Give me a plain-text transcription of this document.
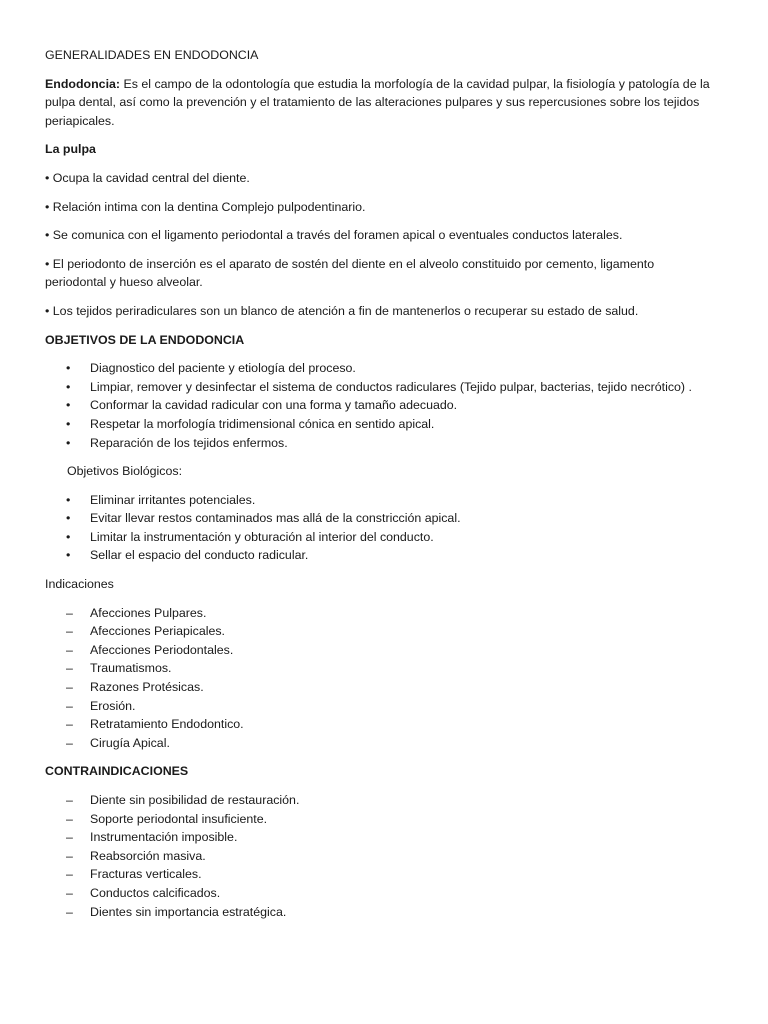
GENERALIDADES EN ENDODONCIA

Endodoncia: Es el campo de la odontología que estudia la morfología de la cavidad pulpar, la fisiología y patología de la pulpa dental, así como la prevención y el tratamiento de las alteraciones pulpares y sus repercusiones sobre los tejidos periapicales.

La pulpa

• Ocupa la cavidad central del diente.

• Relación intima con la dentina Complejo pulpodentinario.

• Se comunica con el ligamento periodontal a través del foramen apical o eventuales conductos laterales.

• El periodonto de inserción es el aparato de sostén del diente en el alveolo constituido por cemento, ligamento periodontal y hueso alveolar.

• Los tejidos periradiculares son un blanco de atención a fin de mantenerlos o recuperar su estado de salud.

OBJETIVOS DE LA ENDODONCIA

• Diagnostico del paciente y etiología del proceso.
• Limpiar, remover y desinfectar el sistema de conductos radiculares (Tejido pulpar, bacterias, tejido necrótico) .
• Conformar la cavidad radicular con una forma y tamaño adecuado.
• Respetar la morfología tridimensional cónica en sentido apical.
• Reparación de los tejidos enfermos.

Objetivos Biológicos:

• Eliminar irritantes potenciales.
• Evitar llevar restos contaminados mas allá de la constricción apical.
• Limitar la instrumentación y obturación al interior del conducto.
• Sellar el espacio del conducto radicular.

Indicaciones

– Afecciones Pulpares.
– Afecciones Periapicales.
– Afecciones Periodontales.
– Traumatismos.
– Razones Protésicas.
– Erosión.
– Retratamiento Endodontico.
– Cirugía Apical.

CONTRAINDICACIONES

– Diente sin posibilidad de restauración.
– Soporte periodontal insuficiente.
– Instrumentación imposible.
– Reabsorción masiva.
– Fracturas verticales.
– Conductos calcificados.
– Dientes sin importancia estratégica.
